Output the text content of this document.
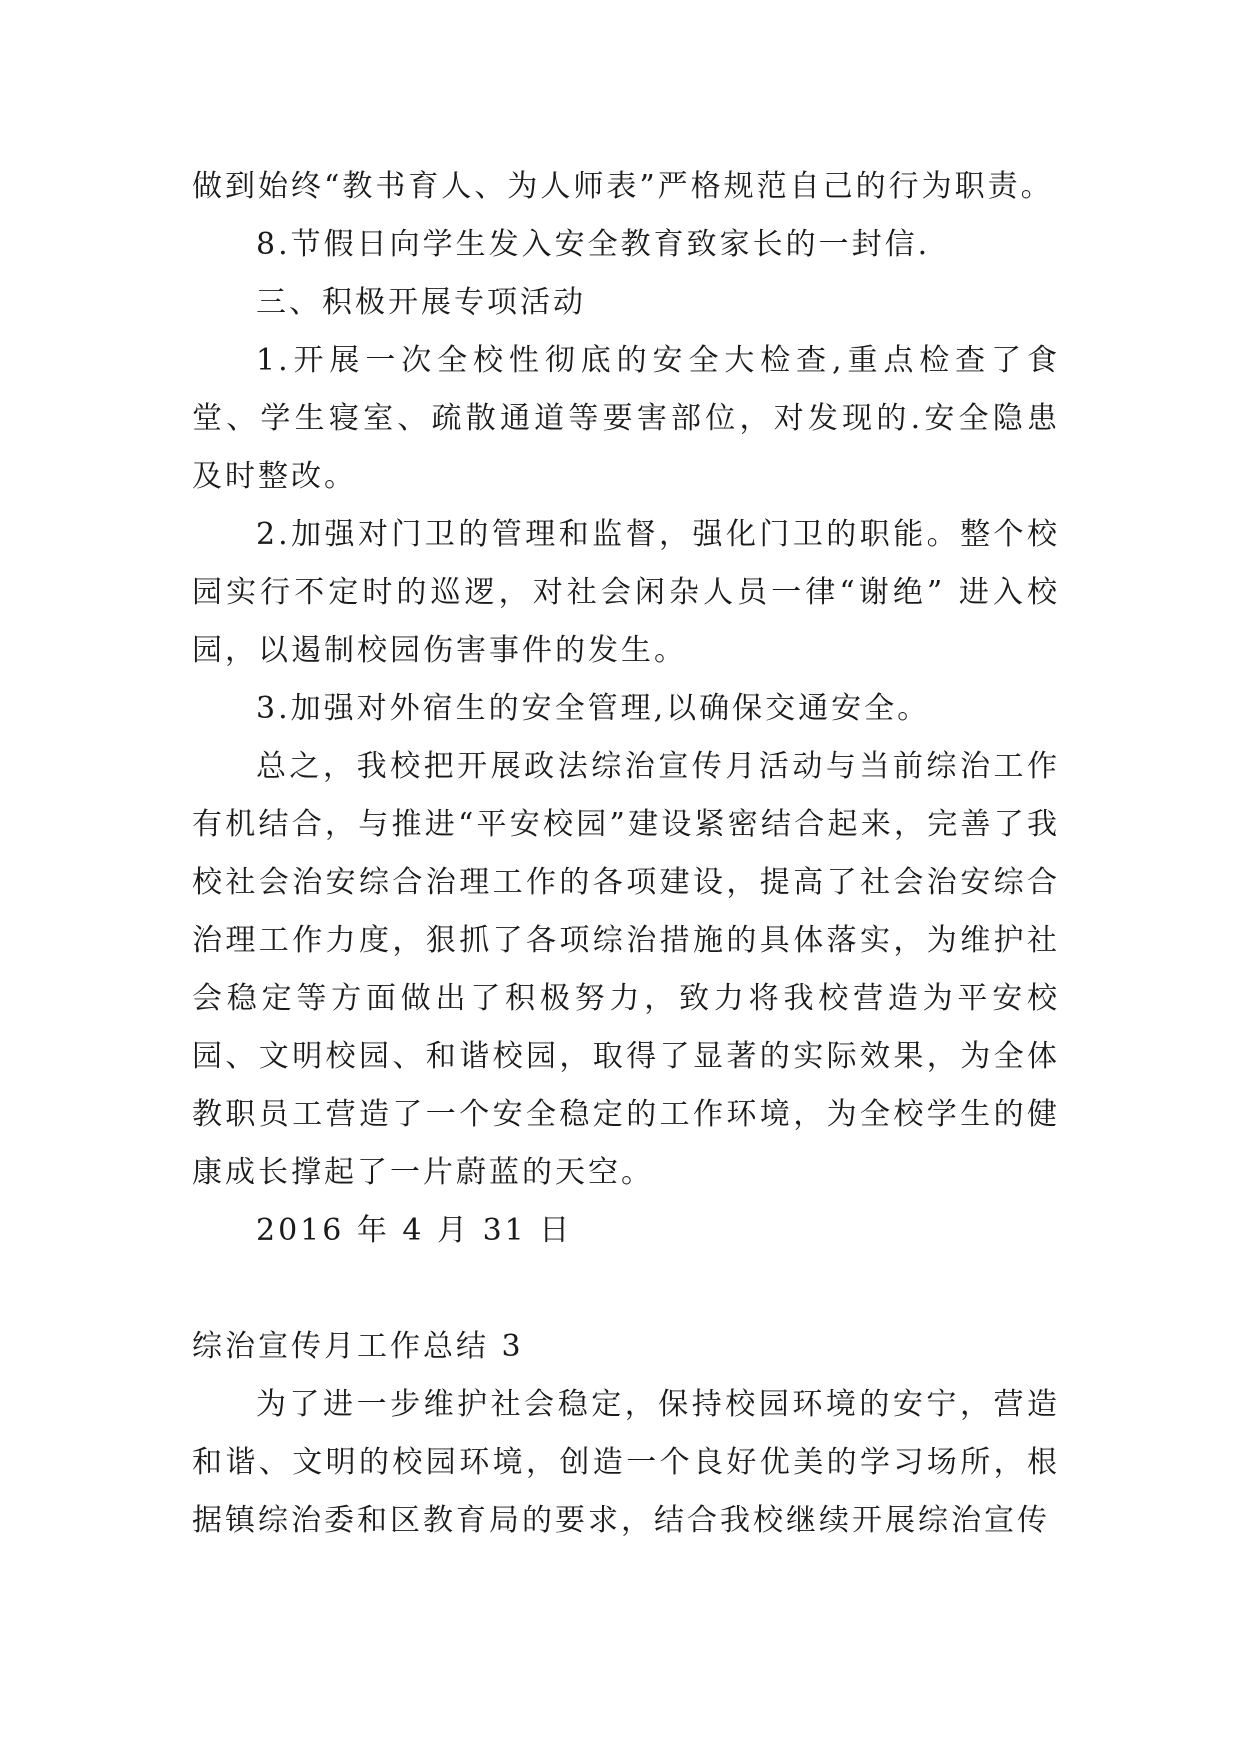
做到始终“教书育人、为人师表”严格规范自己的行为职责。

8.节假日向学生发入安全教育致家长的一封信.

三、积极开展专项活动

1.开展一次全校性彻底的安全大检查,重点检查了食堂、学生寝室、疏散通道等要害部位，对发现的.安全隐患及时整改。

2.加强对门卫的管理和监督，强化门卫的职能。整个校园实行不定时的巡逻，对社会闲杂人员一律“谢绝” 进入校园，以遏制校园伤害事件的发生。

3.加强对外宿生的安全管理,以确保交通安全。

总之，我校把开展政法综治宣传月活动与当前综治工作有机结合，与推进“平安校园”建设紧密结合起来，完善了我校社会治安综合治理工作的各项建设，提高了社会治安综合治理工作力度，狠抓了各项综治措施的具体落实，为维护社会稳定等方面做出了积极努力，致力将我校营造为平安校园、文明校园、和谐校园，取得了显著的实际效果，为全体教职员工营造了一个安全稳定的工作环境，为全校学生的健康成长撑起了一片蔚蓝的天空。

2016 年 4 月 31 日

综治宣传月工作总结 3

为了进一步维护社会稳定，保持校园环境的安宁，营造和谐、文明的校园环境，创造一个良好优美的学习场所，根据镇综治委和区教育局的要求，结合我校继续开展综治宣传
